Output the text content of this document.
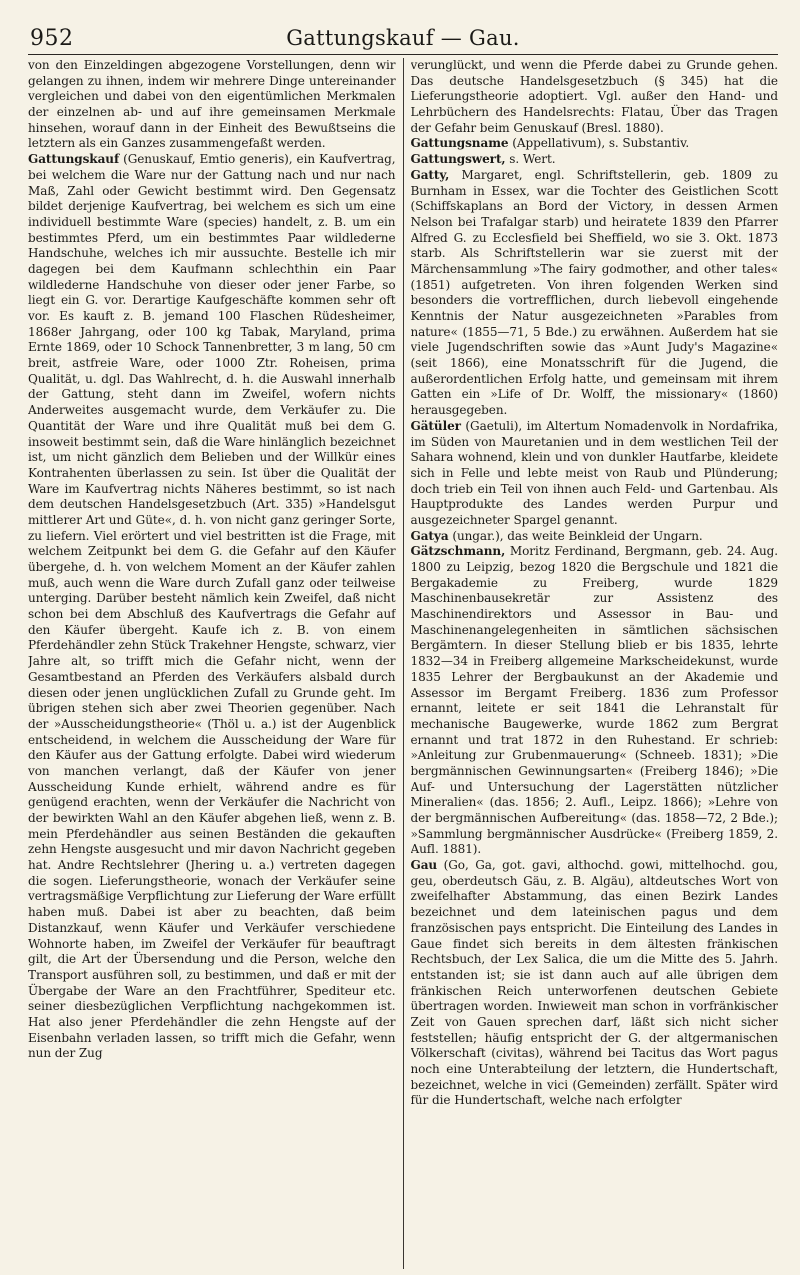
952	Gattungskauf — Gau.

von den Einzeldingen abgezogene Vorstellungen, denn wir gelangen zu ihnen, indem wir mehrere Dinge untereinander vergleichen und dabei von den eigentümlichen Merkmalen der einzelnen ab- und auf ihre gemeinsamen Merkmale hinsehen, worauf dann in der Einheit des Bewußtseins die letztern als ein Ganzes zusammengefaßt werden.

Gattungskauf (Genuskauf, Emtio generis), ein Kaufvertrag, bei welchem die Ware nur der Gattung nach und nur nach Maß, Zahl oder Gewicht bestimmt wird. Den Gegensatz bildet derjenige Kaufvertrag, bei welchem es sich um eine individuell bestimmte Ware (species) handelt, z. B. um ein bestimmtes Pferd, um ein bestimmtes Paar wildlederne Handschuhe, welches ich mir aussuchte. Bestelle ich mir dagegen bei dem Kaufmann schlechthin ein Paar wildlederne Handschuhe von dieser oder jener Farbe, so liegt ein G. vor. Derartige Kaufgeschäfte kommen sehr oft vor. Es kauft z. B. jemand 100 Flaschen Rüdesheimer, 1868er Jahrgang, oder 100 kg Tabak, Maryland, prima Ernte 1869, oder 10 Schock Tannenbretter, 3 m lang, 50 cm breit, astfreie Ware, oder 1000 Ztr. Roheisen, prima Qualität, u. dgl. Das Wahlrecht, d. h. die Auswahl innerhalb der Gattung, steht dann im Zweifel, wofern nichts Anderweites ausgemacht wurde, dem Verkäufer zu. Die Quantität der Ware und ihre Qualität muß bei dem G. insoweit bestimmt sein, daß die Ware hinlänglich bezeichnet ist, um nicht gänzlich dem Belieben und der Willkür eines Kontrahenten überlassen zu sein. Ist über die Qualität der Ware im Kaufvertrag nichts Näheres bestimmt, so ist nach dem deutschen Handelsgesetzbuch (Art. 335) »Handelsgut mittlerer Art und Güte«, d. h. von nicht ganz geringer Sorte, zu liefern. Viel erörtert und viel bestritten ist die Frage, mit welchem Zeitpunkt bei dem G. die Gefahr auf den Käufer übergehe, d. h. von welchem Moment an der Käufer zahlen muß, auch wenn die Ware durch Zufall ganz oder teilweise unterging. Darüber besteht nämlich kein Zweifel, daß nicht schon bei dem Abschluß des Kaufvertrags die Gefahr auf den Käufer übergeht. Kaufe ich z. B. von einem Pferdehändler zehn Stück Trakehner Hengste, schwarz, vier Jahre alt, so trifft mich die Gefahr nicht, wenn der Gesamtbestand an Pferden des Verkäufers alsbald durch diesen oder jenen unglücklichen Zufall zu Grunde geht. Im übrigen stehen sich aber zwei Theorien gegenüber. Nach der »Ausscheidungstheorie« (Thöl u. a.) ist der Augenblick entscheidend, in welchem die Ausscheidung der Ware für den Käufer aus der Gattung erfolgte. Dabei wird wiederum von manchen verlangt, daß der Käufer von jener Ausscheidung Kunde erhielt, während andre es für genügend erachten, wenn der Verkäufer die Nachricht von der bewirkten Wahl an den Käufer abgehen ließ, wenn z. B. mein Pferdehändler aus seinen Beständen die gekauften zehn Hengste ausgesucht und mir davon Nachricht gegeben hat. Andre Rechtslehrer (Jhering u. a.) vertreten dagegen die sogen. Lieferungstheorie, wonach der Verkäufer seine vertragsmäßige Verpflichtung zur Lieferung der Ware erfüllt haben muß. Dabei ist aber zu beachten, daß beim Distanzkauf, wenn Käufer und Verkäufer verschiedene Wohnorte haben, im Zweifel der Verkäufer für beauftragt gilt, die Art der Übersendung und die Person, welche den Transport ausführen soll, zu bestimmen, und daß er mit der Übergabe der Ware an den Frachtführer, Spediteur etc. seiner diesbezüglichen Verpflichtung nachgekommen ist. Hat also jener Pferdehändler die zehn Hengste auf der Eisenbahn verladen lassen, so trifft mich die Gefahr, wenn nun der Zug

verunglückt, und wenn die Pferde dabei zu Grunde gehen. Das deutsche Handelsgesetzbuch (§ 345) hat die Lieferungstheorie adoptiert. Vgl. außer den Hand- und Lehrbüchern des Handelsrechts: Flatau, Über das Tragen der Gefahr beim Genuskauf (Bresl. 1880).

Gattungsname (Appellativum), s. Substantiv.

Gattungswert, s. Wert.

Gatty, Margaret, engl. Schriftstellerin, geb. 1809 zu Burnham in Essex, war die Tochter des Geistlichen Scott (Schiffskaplans an Bord der Victory, in dessen Armen Nelson bei Trafalgar starb) und heiratete 1839 den Pfarrer Alfred G. zu Ecclesfield bei Sheffield, wo sie 3. Okt. 1873 starb. Als Schriftstellerin war sie zuerst mit der Märchensammlung »The fairy godmother, and other tales« (1851) aufgetreten. Von ihren folgenden Werken sind besonders die vortrefflichen, durch liebevoll eingehende Kenntnis der Natur ausgezeichneten »Parables from nature« (1855—71, 5 Bde.) zu erwähnen. Außerdem hat sie viele Jugendschriften sowie das »Aunt Judy's Magazine« (seit 1866), eine Monatsschrift für die Jugend, die außerordentlichen Erfolg hatte, und gemeinsam mit ihrem Gatten ein »Life of Dr. Wolff, the missionary« (1860) herausgegeben.

Gätüler (Gaetuli), im Altertum Nomadenvolk in Nordafrika, im Süden von Mauretanien und in dem westlichen Teil der Sahara wohnend, klein und von dunkler Hautfarbe, kleidete sich in Felle und lebte meist von Raub und Plünderung; doch trieb ein Teil von ihnen auch Feld- und Gartenbau. Als Hauptprodukte des Landes werden Purpur und ausgezeichneter Spargel genannt.

Gatya (ungar.), das weite Beinkleid der Ungarn.

Gätzschmann, Moritz Ferdinand, Bergmann, geb. 24. Aug. 1800 zu Leipzig, bezog 1820 die Bergschule und 1821 die Bergakademie zu Freiberg, wurde 1829 Maschinenbausekretär zur Assistenz des Maschinendirektors und Assessor in Bau- und Maschinenangelegenheiten in sämtlichen sächsischen Bergämtern. In dieser Stellung blieb er bis 1835, lehrte 1832—34 in Freiberg allgemeine Markscheidekunst, wurde 1835 Lehrer der Bergbaukunst an der Akademie und Assessor im Bergamt Freiberg. 1836 zum Professor ernannt, leitete er seit 1841 die Lehranstalt für mechanische Baugewerke, wurde 1862 zum Bergrat ernannt und trat 1872 in den Ruhestand. Er schrieb: »Anleitung zur Grubenmauerung« (Schneeb. 1831); »Die bergmännischen Gewinnungsarten« (Freiberg 1846); »Die Auf- und Untersuchung der Lagerstätten nützlicher Mineralien« (das. 1856; 2. Aufl., Leipz. 1866); »Lehre von der bergmännischen Aufbereitung« (das. 1858—72, 2 Bde.); »Sammlung bergmännischer Ausdrücke« (Freiberg 1859, 2. Aufl. 1881).

Gau (Go, Ga, got. gavi, althochd. gowi, mittelhochd. gou, geu, oberdeutsch Gäu, z. B. Algäu), altdeutsches Wort von zweifelhafter Abstammung, das einen Bezirk Landes bezeichnet und dem lateinischen pagus und dem französischen pays entspricht. Die Einteilung des Landes in Gaue findet sich bereits in dem ältesten fränkischen Rechtsbuch, der Lex Salica, die um die Mitte des 5. Jahrh. entstanden ist; sie ist dann auch auf alle übrigen dem fränkischen Reich unterworfenen deutschen Gebiete übertragen worden. Inwieweit man schon in vorfränkischer Zeit von Gauen sprechen darf, läßt sich nicht sicher feststellen; häufig entspricht der G. der altgermanischen Völkerschaft (civitas), während bei Tacitus das Wort pagus noch eine Unterabteilung der letztern, die Hundertschaft, bezeichnet, welche in vici (Gemeinden) zerfällt. Später wird für die Hundertschaft, welche nach erfolgter
